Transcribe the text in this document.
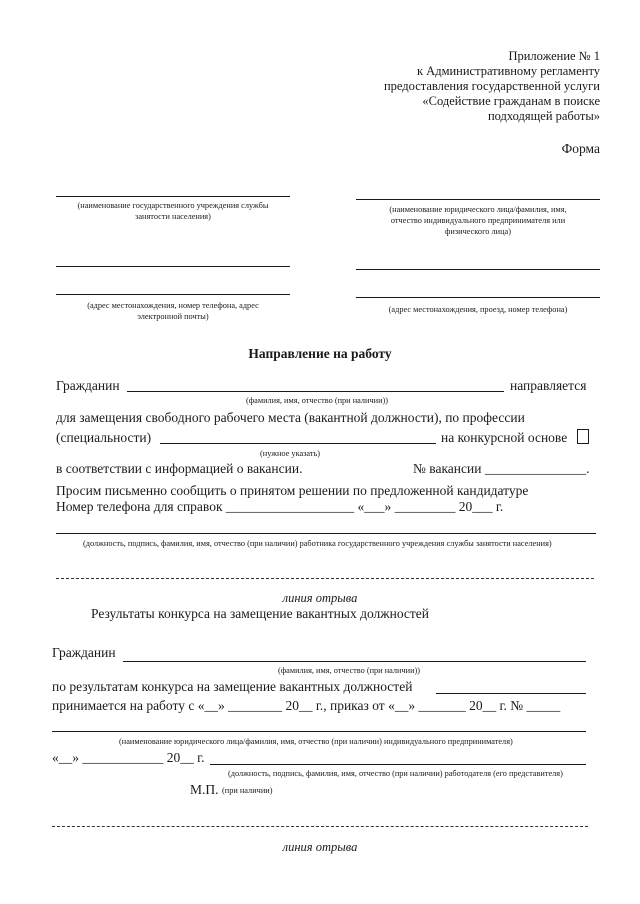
Приложение № 1
к Административному регламенту
предоставления государственной услуги
«Содействие гражданам в поиске
подходящей работы»
Форма
(наименование государственного учреждения службы
занятости населения)
(адрес местонахождения, номер телефона, адрес
электронной почты)
(наименование юридического лица/фамилия, имя,
отчество индивидуального предпринимателя или
физического лица)
(адрес местонахождения, проезд, номер телефона)
Направление на работу
Гражданин	направляется
(фамилия, имя, отчество (при наличии))
для замещения свободного рабочего места (вакантной должности), по профессии
(специальности)	на конкурсной основе
(нужное указать)
в соответствии с информацией о вакансии.	№ вакансии _______________.
Просим письменно сообщить о принятом решении по предложенной кандидатуре
Номер телефона для справок ___________________ «___» _________ 20___ г.
(должность, подпись, фамилия, имя, отчество (при наличии) работника государственного учреждения службы занятости населения)
линия отрыва
Результаты конкурса на замещение вакантных должностей
Гражданин
(фамилия, имя, отчество (при наличии))
по результатам конкурса на замещение вакантных должностей
принимается на работу с «__» ________ 20__ г., приказ от «__» _______ 20__ г. № _____
(наименование юридического лица/фамилия, имя, отчество (при наличии) индивидуального предпринимателя)
«__» ____________ 20__ г.
(должность, подпись, фамилия, имя, отчество (при наличии) работодателя (его представителя)
М.П. (при наличии)
линия отрыва
